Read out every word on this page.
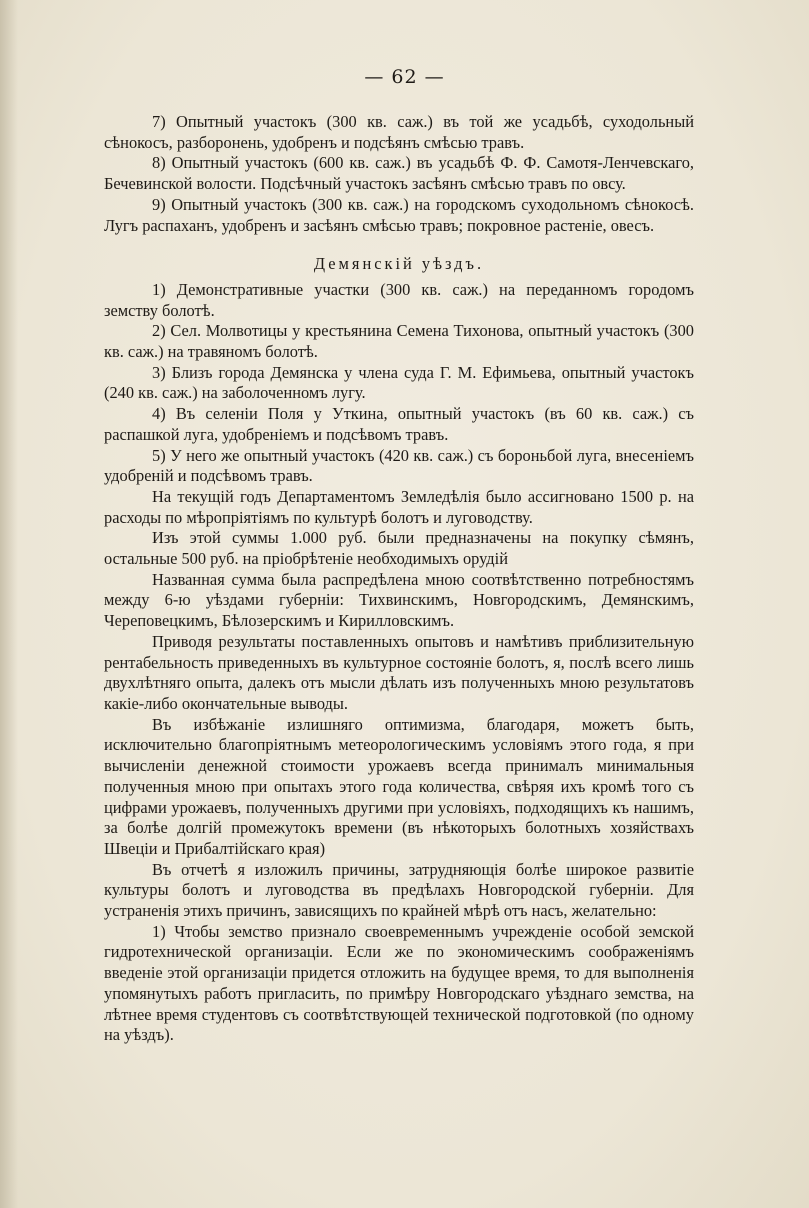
— 62 —

7) Опытный участокъ (300 кв. саж.) въ той же усадьбѣ, суходольный сѣнокосъ, разборонень, удобренъ и подсѣянъ смѣсью травъ.

8) Опытный участокъ (600 кв. саж.) въ усадьбѣ Ф. Ф. Самотя-Ленчевскаго, Бечевинской волости. Подсѣчный участокъ засѣянъ смѣсью травъ по овсу.

9) Опытный участокъ (300 кв. саж.) на городскомъ суходольномъ сѣнокосѣ. Лугъ распаханъ, удобренъ и засѣянъ смѣсью травъ; покровное растеніе, овесъ.

Демянскій уѣздъ.

1) Демонстративные участки (300 кв. саж.) на переданномъ городомъ земству болотѣ.

2) Сел. Молвотицы у крестьянина Семена Тихонова, опытный участокъ (300 кв. саж.) на травяномъ болотѣ.

3) Близъ города Демянска у члена суда Г. М. Ефимьева, опытный участокъ (240 кв. саж.) на заболоченномъ лугу.

4) Въ селеніи Поля у Уткина, опытный участокъ (въ 60 кв. саж.) съ распашкой луга, удобреніемъ и подсѣвомъ травъ.

5) У него же опытный участокъ (420 кв. саж.) съ бороньбой луга, внесеніемъ удобреній и подсѣвомъ травъ.

На текущій годъ Департаментомъ Земледѣлія было ассигновано 1500 р. на расходы по мѣропріятіямъ по культурѣ болотъ и луговодству.

Изъ этой суммы 1.000 руб. были предназначены на покупку сѣмянъ, остальные 500 руб. на пріобрѣтеніе необходимыхъ орудій

Названная сумма была распредѣлена мною соотвѣтственно потребностямъ между 6-ю уѣздами губерніи: Тихвинскимъ, Новгородскимъ, Демянскимъ, Череповецкимъ, Бѣлозерскимъ и Кирилловскимъ.

Приводя результаты поставленныхъ опытовъ и намѣтивъ приблизительную рентабельность приведенныхъ въ культурное состояніе болотъ, я, послѣ всего лишь двухлѣтняго опыта, далекъ отъ мысли дѣлать изъ полученныхъ мною результатовъ какіе-либо окончательные выводы.

Въ избѣжаніе излишняго оптимизма, благодаря, можетъ быть, исключительно благопріятнымъ метеорологическимъ условіямъ этого года, я при вычисленіи денежной стоимости урожаевъ всегда принималъ минимальныя полученныя мною при опытахъ этого года количества, свѣряя ихъ кромѣ того съ цифрами урожаевъ, полученныхъ другими при условіяхъ, подходящихъ къ нашимъ, за болѣе долгій промежутокъ времени (въ нѣкоторыхъ болотныхъ хозяйствахъ Швеціи и Прибалтійскаго края)

Въ отчетѣ я изложилъ причины, затрудняющія болѣе широкое развитіе культуры болотъ и луговодства въ предѣлахъ Новгородской губерніи. Для устраненія этихъ причинъ, зависящихъ по крайней мѣрѣ отъ насъ, желательно:

1) Чтобы земство признало своевременнымъ учрежденіе особой земской гидротехнической организаціи. Если же по экономическимъ соображеніямъ введеніе этой организаціи придется отложить на будущее время, то для выполненія упомянутыхъ работъ пригласить, по примѣру Новгородскаго уѣзднаго земства, на лѣтнее время студентовъ съ соотвѣтствующей технической подготовкой (по одному на уѣздъ).
